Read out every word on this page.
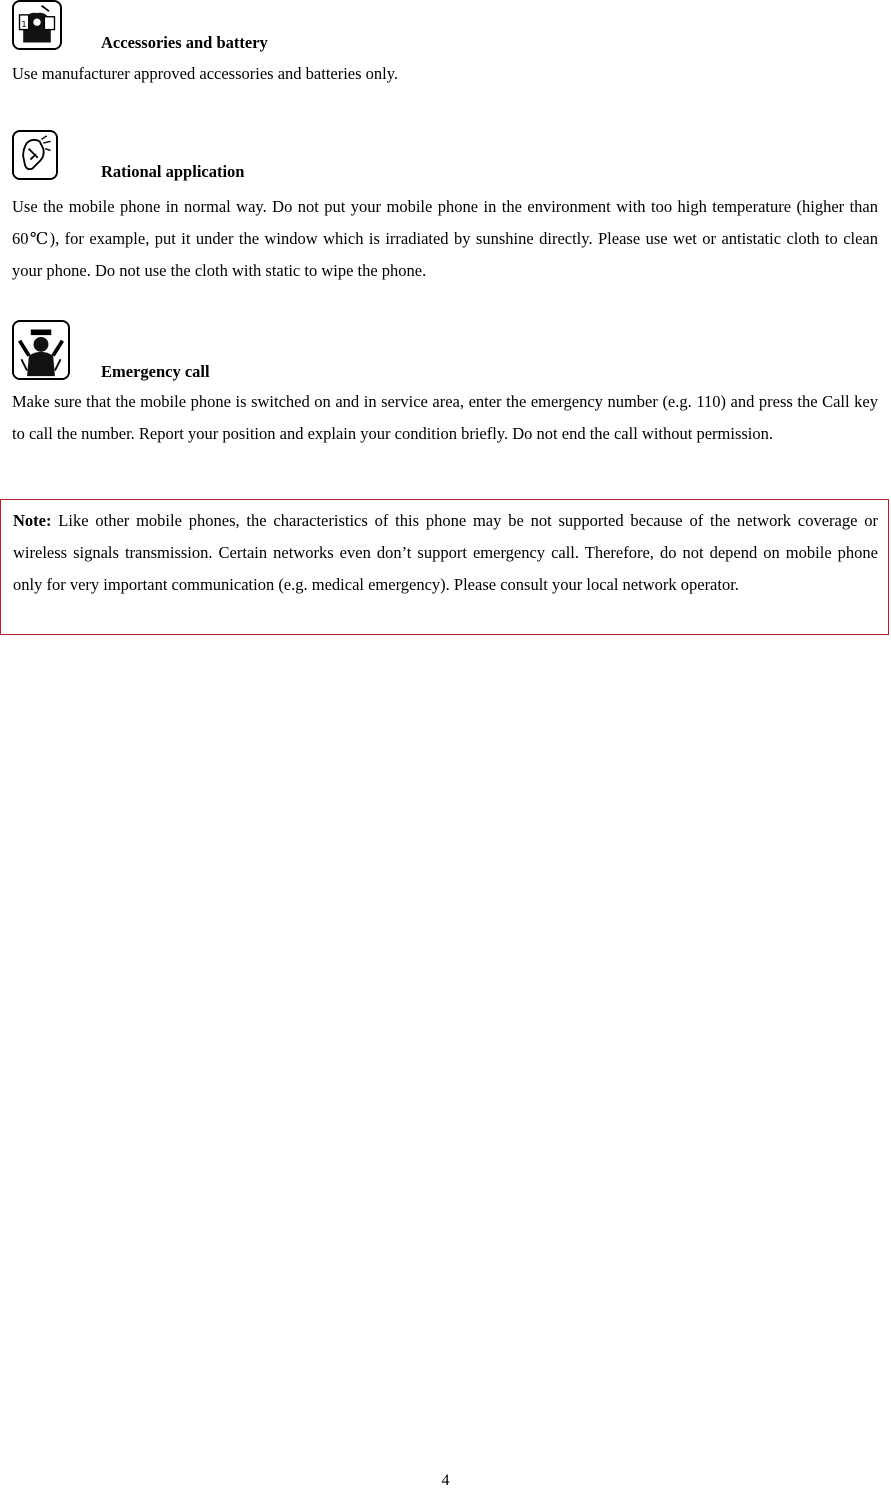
1
Accessories and battery

Use manufacturer approved accessories and batteries only.

Rational application

Use the mobile phone in normal way. Do not put your mobile phone in the environment with too high temperature (higher than 60℃), for example, put it under the window which is irradiated by sunshine directly. Please use wet or antistatic cloth to clean your phone. Do not use the cloth with static to wipe the phone.

Emergency call

Make sure that the mobile phone is switched on and in service area, enter the emergency number (e.g. 110) and press the Call key to call the number. Report your position and explain your condition briefly. Do not end the call without permission.

Note: Like other mobile phones, the characteristics of this phone may be not supported because of the network coverage or wireless signals transmission. Certain networks even don’t support emergency call. Therefore, do not depend on mobile phone only for very important communication (e.g. medical emergency). Please consult your local network operator.

4
